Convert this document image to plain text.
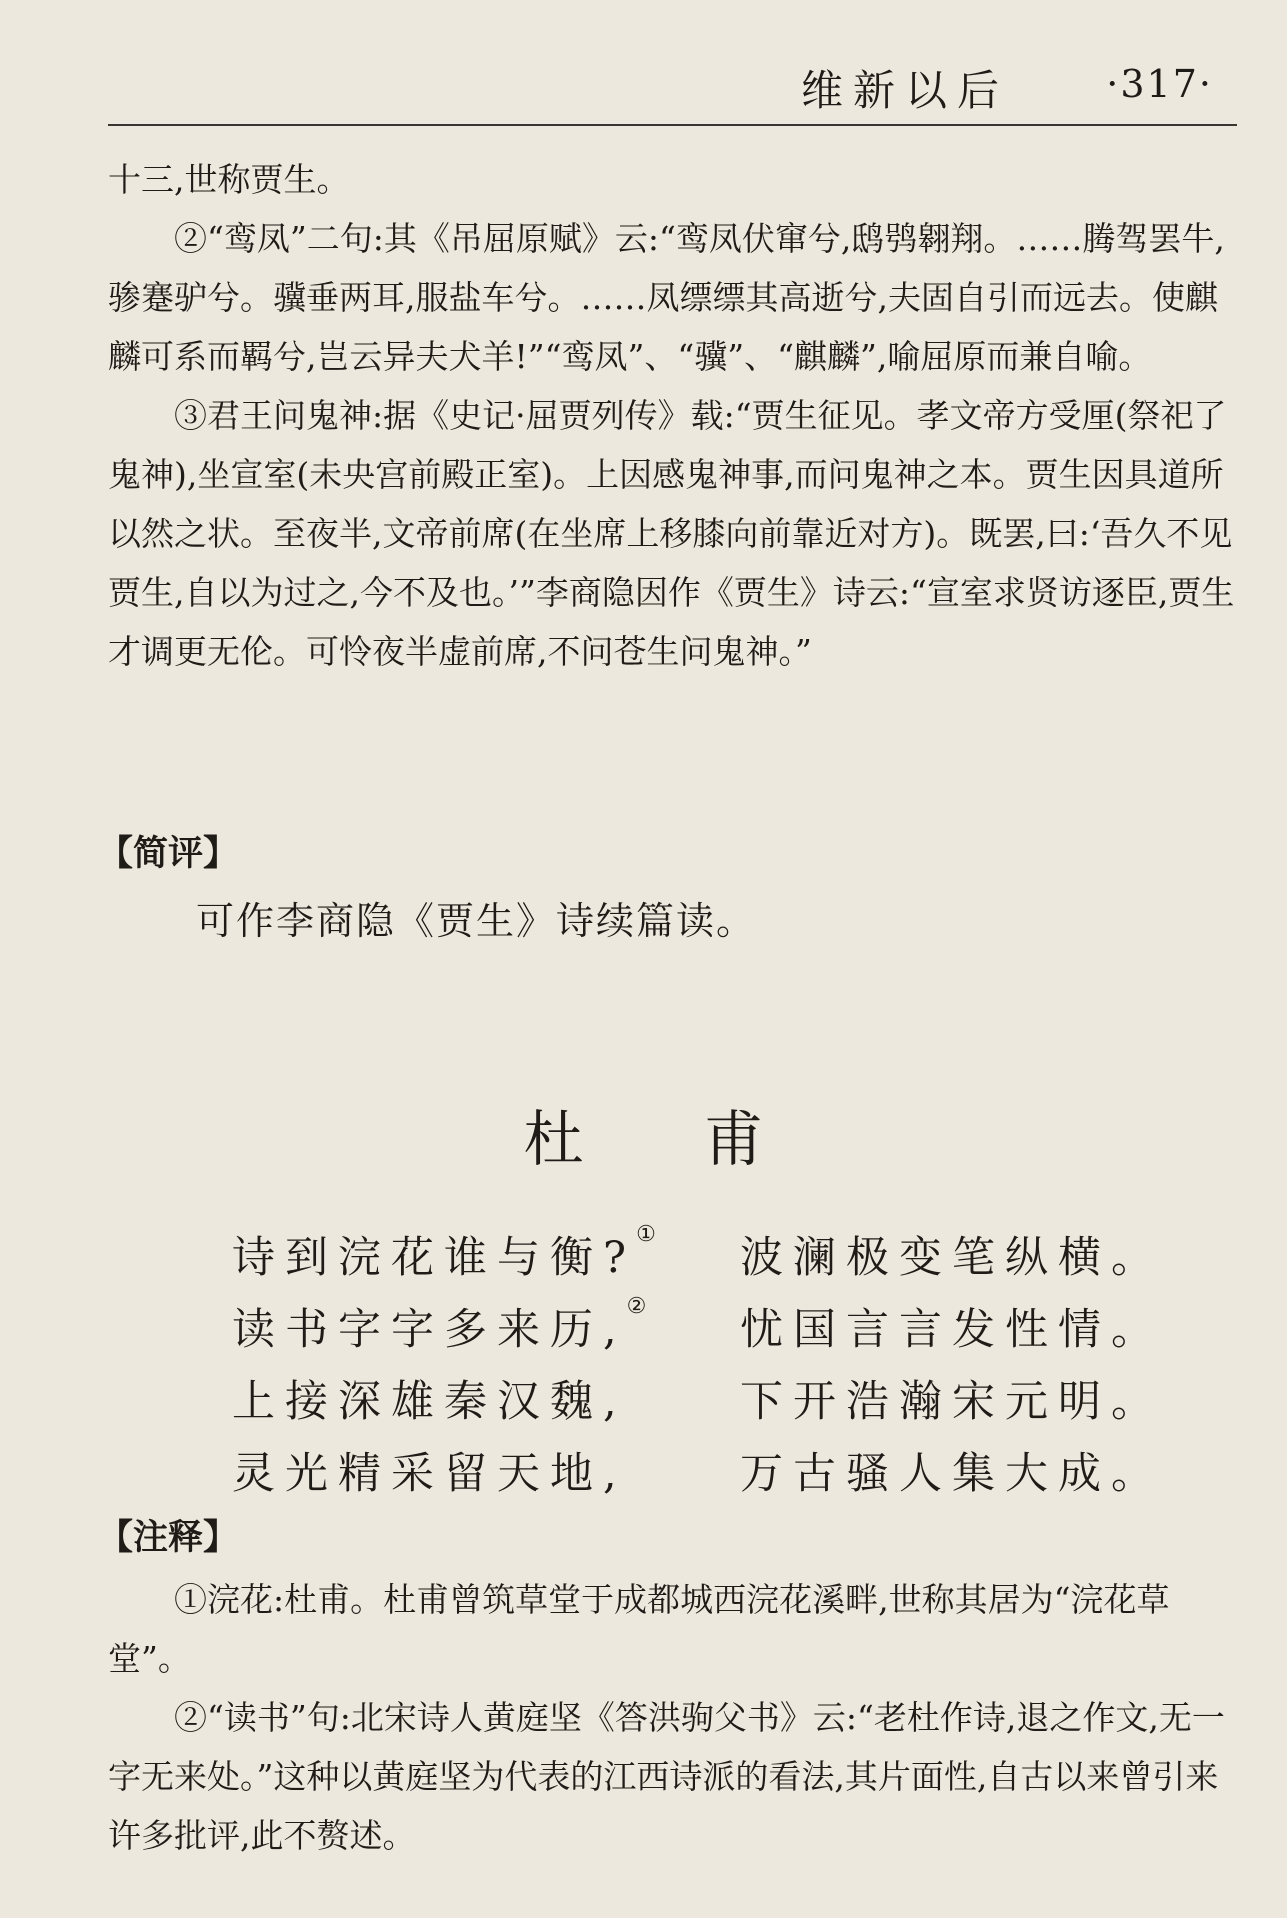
维新以后	·317·

十三,世称贾生。

②“鸾凤”二句:其《吊屈原赋》云:“鸾凤伏窜兮,鸱鸮翱翔。……腾驾罢牛,骖蹇驴兮。骥垂两耳,服盐车兮。……凤缥缥其高逝兮,夫固自引而远去。使麒麟可系而羁兮,岂云异夫犬羊!”“鸾凤”、“骥”、“麒麟”,喻屈原而兼自喻。

③君王问鬼神:据《史记·屈贾列传》载:“贾生征见。孝文帝方受厘(祭祀了鬼神),坐宣室(未央宫前殿正室)。上因感鬼神事,而问鬼神之本。贾生因具道所以然之状。至夜半,文帝前席(在坐席上移膝向前靠近对方)。既罢,曰:‘吾久不见贾生,自以为过之,今不及也。’”李商隐因作《贾生》诗云:“宣室求贤访逐臣,贾生才调更无伦。可怜夜半虚前席,不问苍生问鬼神。”

【简评】
可作李商隐《贾生》诗续篇读。
杜甫
诗到浣花谁与衡?① 波澜极变笔纵横。
读书字字多来历,② 忧国言言发性情。
上接深雄秦汉魏,	下开浩瀚宋元明。
灵光精采留天地,	万古骚人集大成。
【注释】

①浣花:杜甫。杜甫曾筑草堂于成都城西浣花溪畔,世称其居为“浣花草堂”。

②“读书”句:北宋诗人黄庭坚《答洪驹父书》云:“老杜作诗,退之作文,无一字无来处。”这种以黄庭坚为代表的江西诗派的看法,其片面性,自古以来曾引来许多批评,此不赘述。
